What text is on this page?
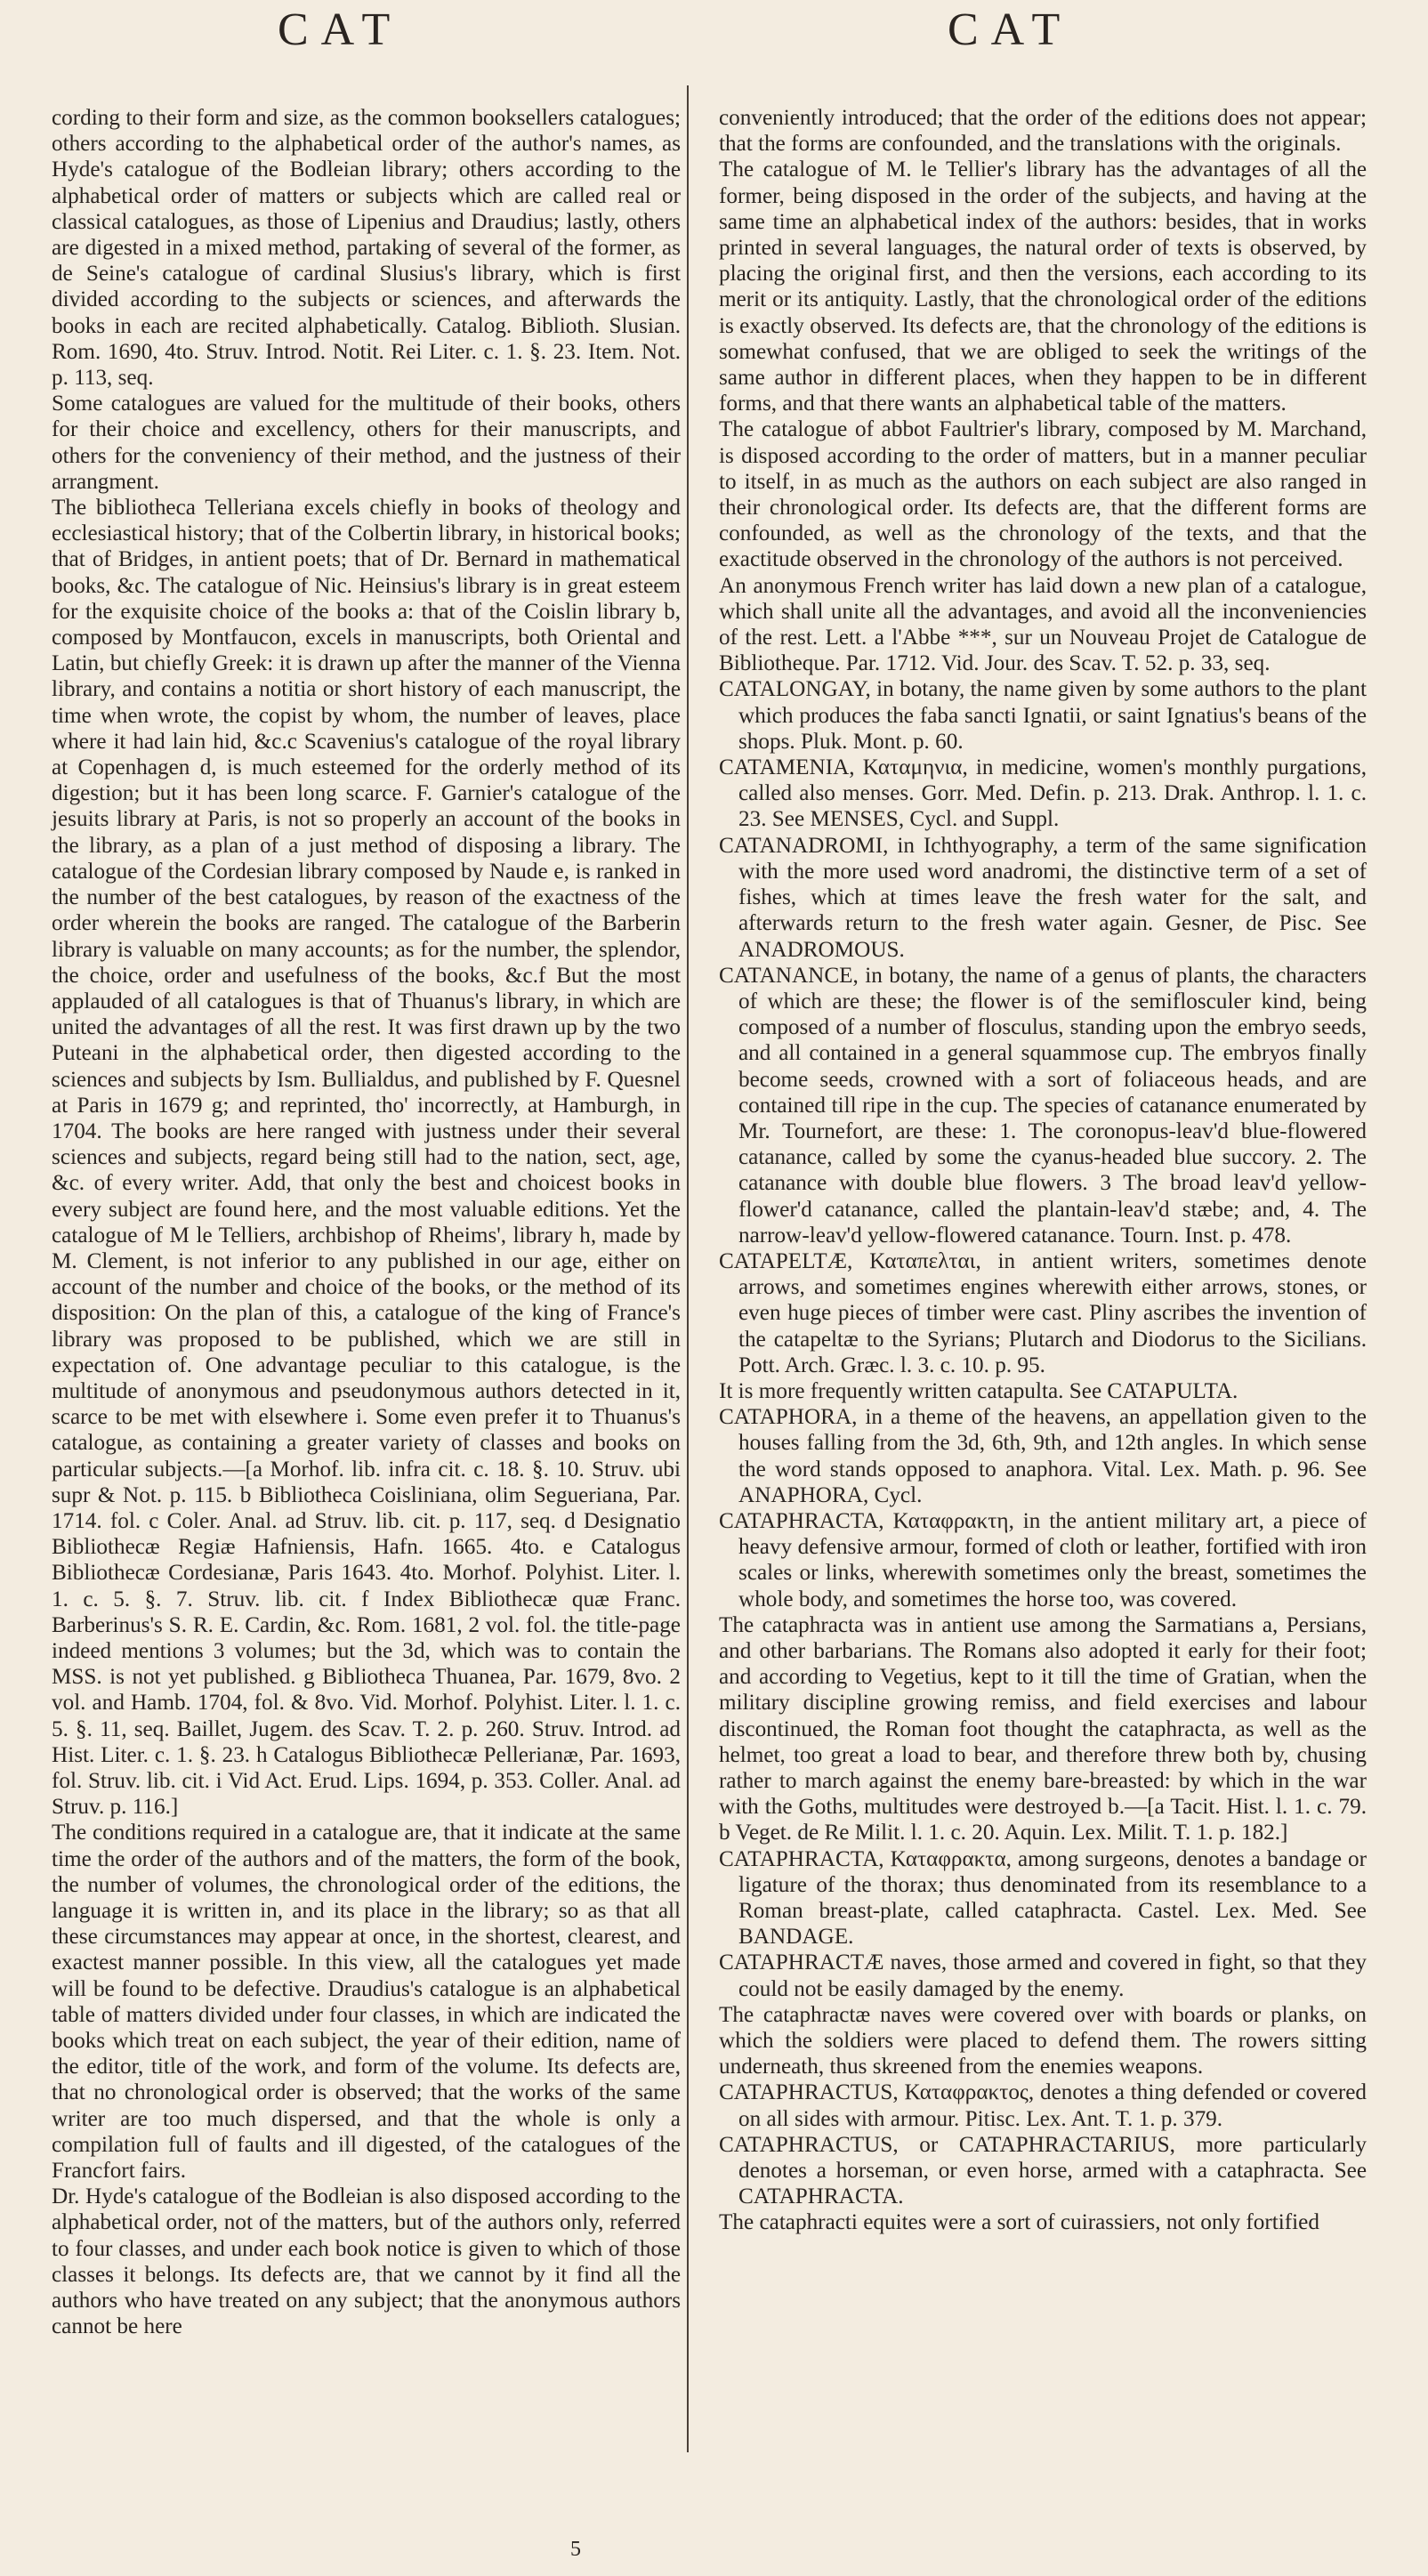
CAT	CAT

cording to their form and size, as the common booksellers catalogues; others according to the alphabetical order of the author's names, as Hyde's catalogue of the Bodleian library; others according to the alphabetical order of matters or subjects which are called real or classical catalogues, as those of Lipenius and Draudius; lastly, others are digested in a mixed method, partaking of several of the former, as de Seine's catalogue of cardinal Slusius's library, which is first divided according to the subjects or sciences, and afterwards the books in each are recited alphabetically. Catalog. Biblioth. Slusian. Rom. 1690, 4to. Struv. Introd. Notit. Rei Liter. c. 1. §. 23. Item. Not. p. 113, seq.

Some catalogues are valued for the multitude of their books, others for their choice and excellency, others for their manuscripts, and others for the conveniency of their method, and the justness of their arrangment.

The bibliotheca Telleriana excels chiefly in books of theology and ecclesiastical history; that of the Colbertin library, in historical books; that of Bridges, in antient poets; that of Dr. Bernard in mathematical books, &c. The catalogue of Nic. Heinsius's library is in great esteem for the exquisite choice of the books a: that of the Coislin library b, composed by Montfaucon, excels in manuscripts, both Oriental and Latin, but chiefly Greek: it is drawn up after the manner of the Vienna library, and contains a notitia or short history of each manuscript, the time when wrote, the copist by whom, the number of leaves, place where it had lain hid, &c.c Scavenius's catalogue of the royal library at Copenhagen d, is much esteemed for the orderly method of its digestion; but it has been long scarce. F. Garnier's catalogue of the jesuits library at Paris, is not so properly an account of the books in the library, as a plan of a just method of disposing a library. The catalogue of the Cordesian library composed by Naude e, is ranked in the number of the best catalogues, by reason of the exactness of the order wherein the books are ranged. The catalogue of the Barberin library is valuable on many accounts; as for the number, the splendor, the choice, order and usefulness of the books, &c.f But the most applauded of all catalogues is that of Thuanus's library, in which are united the advantages of all the rest. It was first drawn up by the two Puteani in the alphabetical order, then digested according to the sciences and subjects by Ism. Bullialdus, and published by F. Quesnel at Paris in 1679 g; and reprinted, tho' incorrectly, at Hamburgh, in 1704. The books are here ranged with justness under their several sciences and subjects, regard being still had to the nation, sect, age, &c. of every writer. Add, that only the best and choicest books in every subject are found here, and the most valuable editions. Yet the catalogue of M le Telliers, archbishop of Rheims', library h, made by M. Clement, is not inferior to any published in our age, either on account of the number and choice of the books, or the method of its disposition: On the plan of this, a catalogue of the king of France's library was proposed to be published, which we are still in expectation of. One advantage peculiar to this catalogue, is the multitude of anonymous and pseudonymous authors detected in it, scarce to be met with elsewhere i. Some even prefer it to Thuanus's catalogue, as containing a greater variety of classes and books on particular subjects.—[a Morhof. lib. infra cit. c. 18. §. 10. Struv. ubi supr & Not. p. 115. b Bibliotheca Coisliniana, olim Segueriana, Par. 1714. fol. c Coler. Anal. ad Struv. lib. cit. p. 117, seq. d Designatio Bibliothecæ Regiæ Hafniensis, Hafn. 1665. 4to. e Catalogus Bibliothecæ Cordesianæ, Paris 1643. 4to. Morhof. Polyhist. Liter. l. 1. c. 5. §. 7. Struv. lib. cit. f Index Bibliothecæ quæ Franc. Barberinus's S. R. E. Cardin, &c. Rom. 1681, 2 vol. fol. the title-page indeed mentions 3 volumes; but the 3d, which was to contain the MSS. is not yet published. g Bibliotheca Thuanea, Par. 1679, 8vo. 2 vol. and Hamb. 1704, fol. & 8vo. Vid. Morhof. Polyhist. Liter. l. 1. c. 5. §. 11, seq. Baillet, Jugem. des Scav. T. 2. p. 260. Struv. Introd. ad Hist. Liter. c. 1. §. 23. h Catalogus Bibliothecæ Pellerianæ, Par. 1693, fol. Struv. lib. cit. i Vid Act. Erud. Lips. 1694, p. 353. Coller. Anal. ad Struv. p. 116.]

The conditions required in a catalogue are, that it indicate at the same time the order of the authors and of the matters, the form of the book, the number of volumes, the chronological order of the editions, the language it is written in, and its place in the library; so as that all these circumstances may appear at once, in the shortest, clearest, and exactest manner possible. In this view, all the catalogues yet made will be found to be defective. Draudius's catalogue is an alphabetical table of matters divided under four classes, in which are indicated the books which treat on each subject, the year of their edition, name of the editor, title of the work, and form of the volume. Its defects are, that no chronological order is observed; that the works of the same writer are too much dispersed, and that the whole is only a compilation full of faults and ill digested, of the catalogues of the Francfort fairs.

Dr. Hyde's catalogue of the Bodleian is also disposed according to the alphabetical order, not of the matters, but of the authors only, referred to four classes, and under each book notice is given to which of those classes it belongs. Its defects are, that we cannot by it find all the authors who have treated on any subject; that the anonymous authors cannot be here

conveniently introduced; that the order of the editions does not appear; that the forms are confounded, and the translations with the originals.

The catalogue of M. le Tellier's library has the advantages of all the former, being disposed in the order of the subjects, and having at the same time an alphabetical index of the authors: besides, that in works printed in several languages, the natural order of texts is observed, by placing the original first, and then the versions, each according to its merit or its antiquity. Lastly, that the chronological order of the editions is exactly observed. Its defects are, that the chronology of the editions is somewhat confused, that we are obliged to seek the writings of the same author in different places, when they happen to be in different forms, and that there wants an alphabetical table of the matters.

The catalogue of abbot Faultrier's library, composed by M. Marchand, is disposed according to the order of matters, but in a manner peculiar to itself, in as much as the authors on each subject are also ranged in their chronological order. Its defects are, that the different forms are confounded, as well as the chronology of the texts, and that the exactitude observed in the chronology of the authors is not perceived.

An anonymous French writer has laid down a new plan of a catalogue, which shall unite all the advantages, and avoid all the inconveniencies of the rest. Lett. a l'Abbe ***, sur un Nouveau Projet de Catalogue de Bibliotheque. Par. 1712. Vid. Jour. des Scav. T. 52. p. 33, seq.

CATALONGAY, in botany, the name given by some authors to the plant which produces the faba sancti Ignatii, or saint Ignatius's beans of the shops. Pluk. Mont. p. 60.

CATAMENIA, Καταμηνια, in medicine, women's monthly purgations, called also menses. Gorr. Med. Defin. p. 213. Drak. Anthrop. l. 1. c. 23. See MENSES, Cycl. and Suppl.

CATANADROMI, in Ichthyography, a term of the same signification with the more used word anadromi, the distinctive term of a set of fishes, which at times leave the fresh water for the salt, and afterwards return to the fresh water again. Gesner, de Pisc. See ANADROMOUS.

CATANANCE, in botany, the name of a genus of plants, the characters of which are these; the flower is of the semiflosculer kind, being composed of a number of flosculus, standing upon the embryo seeds, and all contained in a general squammose cup. The embryos finally become seeds, crowned with a sort of foliaceous heads, and are contained till ripe in the cup. The species of catanance enumerated by Mr. Tournefort, are these: 1. The coronopus-leav'd blue-flowered catanance, called by some the cyanus-headed blue succory. 2. The catanance with double blue flowers. 3 The broad leav'd yellow-flower'd catanance, called the plantain-leav'd stæbe; and, 4. The narrow-leav'd yellow-flowered catanance. Tourn. Inst. p. 478.

CATAPELTÆ, Καταπελται, in antient writers, sometimes denote arrows, and sometimes engines wherewith either arrows, stones, or even huge pieces of timber were cast. Pliny ascribes the invention of the catapeltæ to the Syrians; Plutarch and Diodorus to the Sicilians. Pott. Arch. Græc. l. 3. c. 10. p. 95.

It is more frequently written catapulta. See CATAPULTA.

CATAPHORA, in a theme of the heavens, an appellation given to the houses falling from the 3d, 6th, 9th, and 12th angles. In which sense the word stands opposed to anaphora. Vital. Lex. Math. p. 96. See ANAPHORA, Cycl.

CATAPHRACTA, Καταφρακτη, in the antient military art, a piece of heavy defensive armour, formed of cloth or leather, fortified with iron scales or links, wherewith sometimes only the breast, sometimes the whole body, and sometimes the horse too, was covered.

The cataphracta was in antient use among the Sarmatians a, Persians, and other barbarians. The Romans also adopted it early for their foot; and according to Vegetius, kept to it till the time of Gratian, when the military discipline growing remiss, and field exercises and labour discontinued, the Roman foot thought the cataphracta, as well as the helmet, too great a load to bear, and therefore threw both by, chusing rather to march against the enemy bare-breasted: by which in the war with the Goths, multitudes were destroyed b.—[a Tacit. Hist. l. 1. c. 79. b Veget. de Re Milit. l. 1. c. 20. Aquin. Lex. Milit. T. 1. p. 182.]

CATAPHRACTA, Καταφρακτα, among surgeons, denotes a bandage or ligature of the thorax; thus denominated from its resemblance to a Roman breast-plate, called cataphracta. Castel. Lex. Med. See BANDAGE.

CATAPHRACTÆ naves, those armed and covered in fight, so that they could not be easily damaged by the enemy.

The cataphractæ naves were covered over with boards or planks, on which the soldiers were placed to defend them. The rowers sitting underneath, thus skreened from the enemies weapons.

CATAPHRACTUS, Καταφρακτος, denotes a thing defended or covered on all sides with armour. Pitisc. Lex. Ant. T. 1. p. 379.

CATAPHRACTUS, or CATAPHRACTARIUS, more particularly denotes a horseman, or even horse, armed with a cataphracta. See CATAPHRACTA.

The cataphracti equites were a sort of cuirassiers, not only fortified

5
